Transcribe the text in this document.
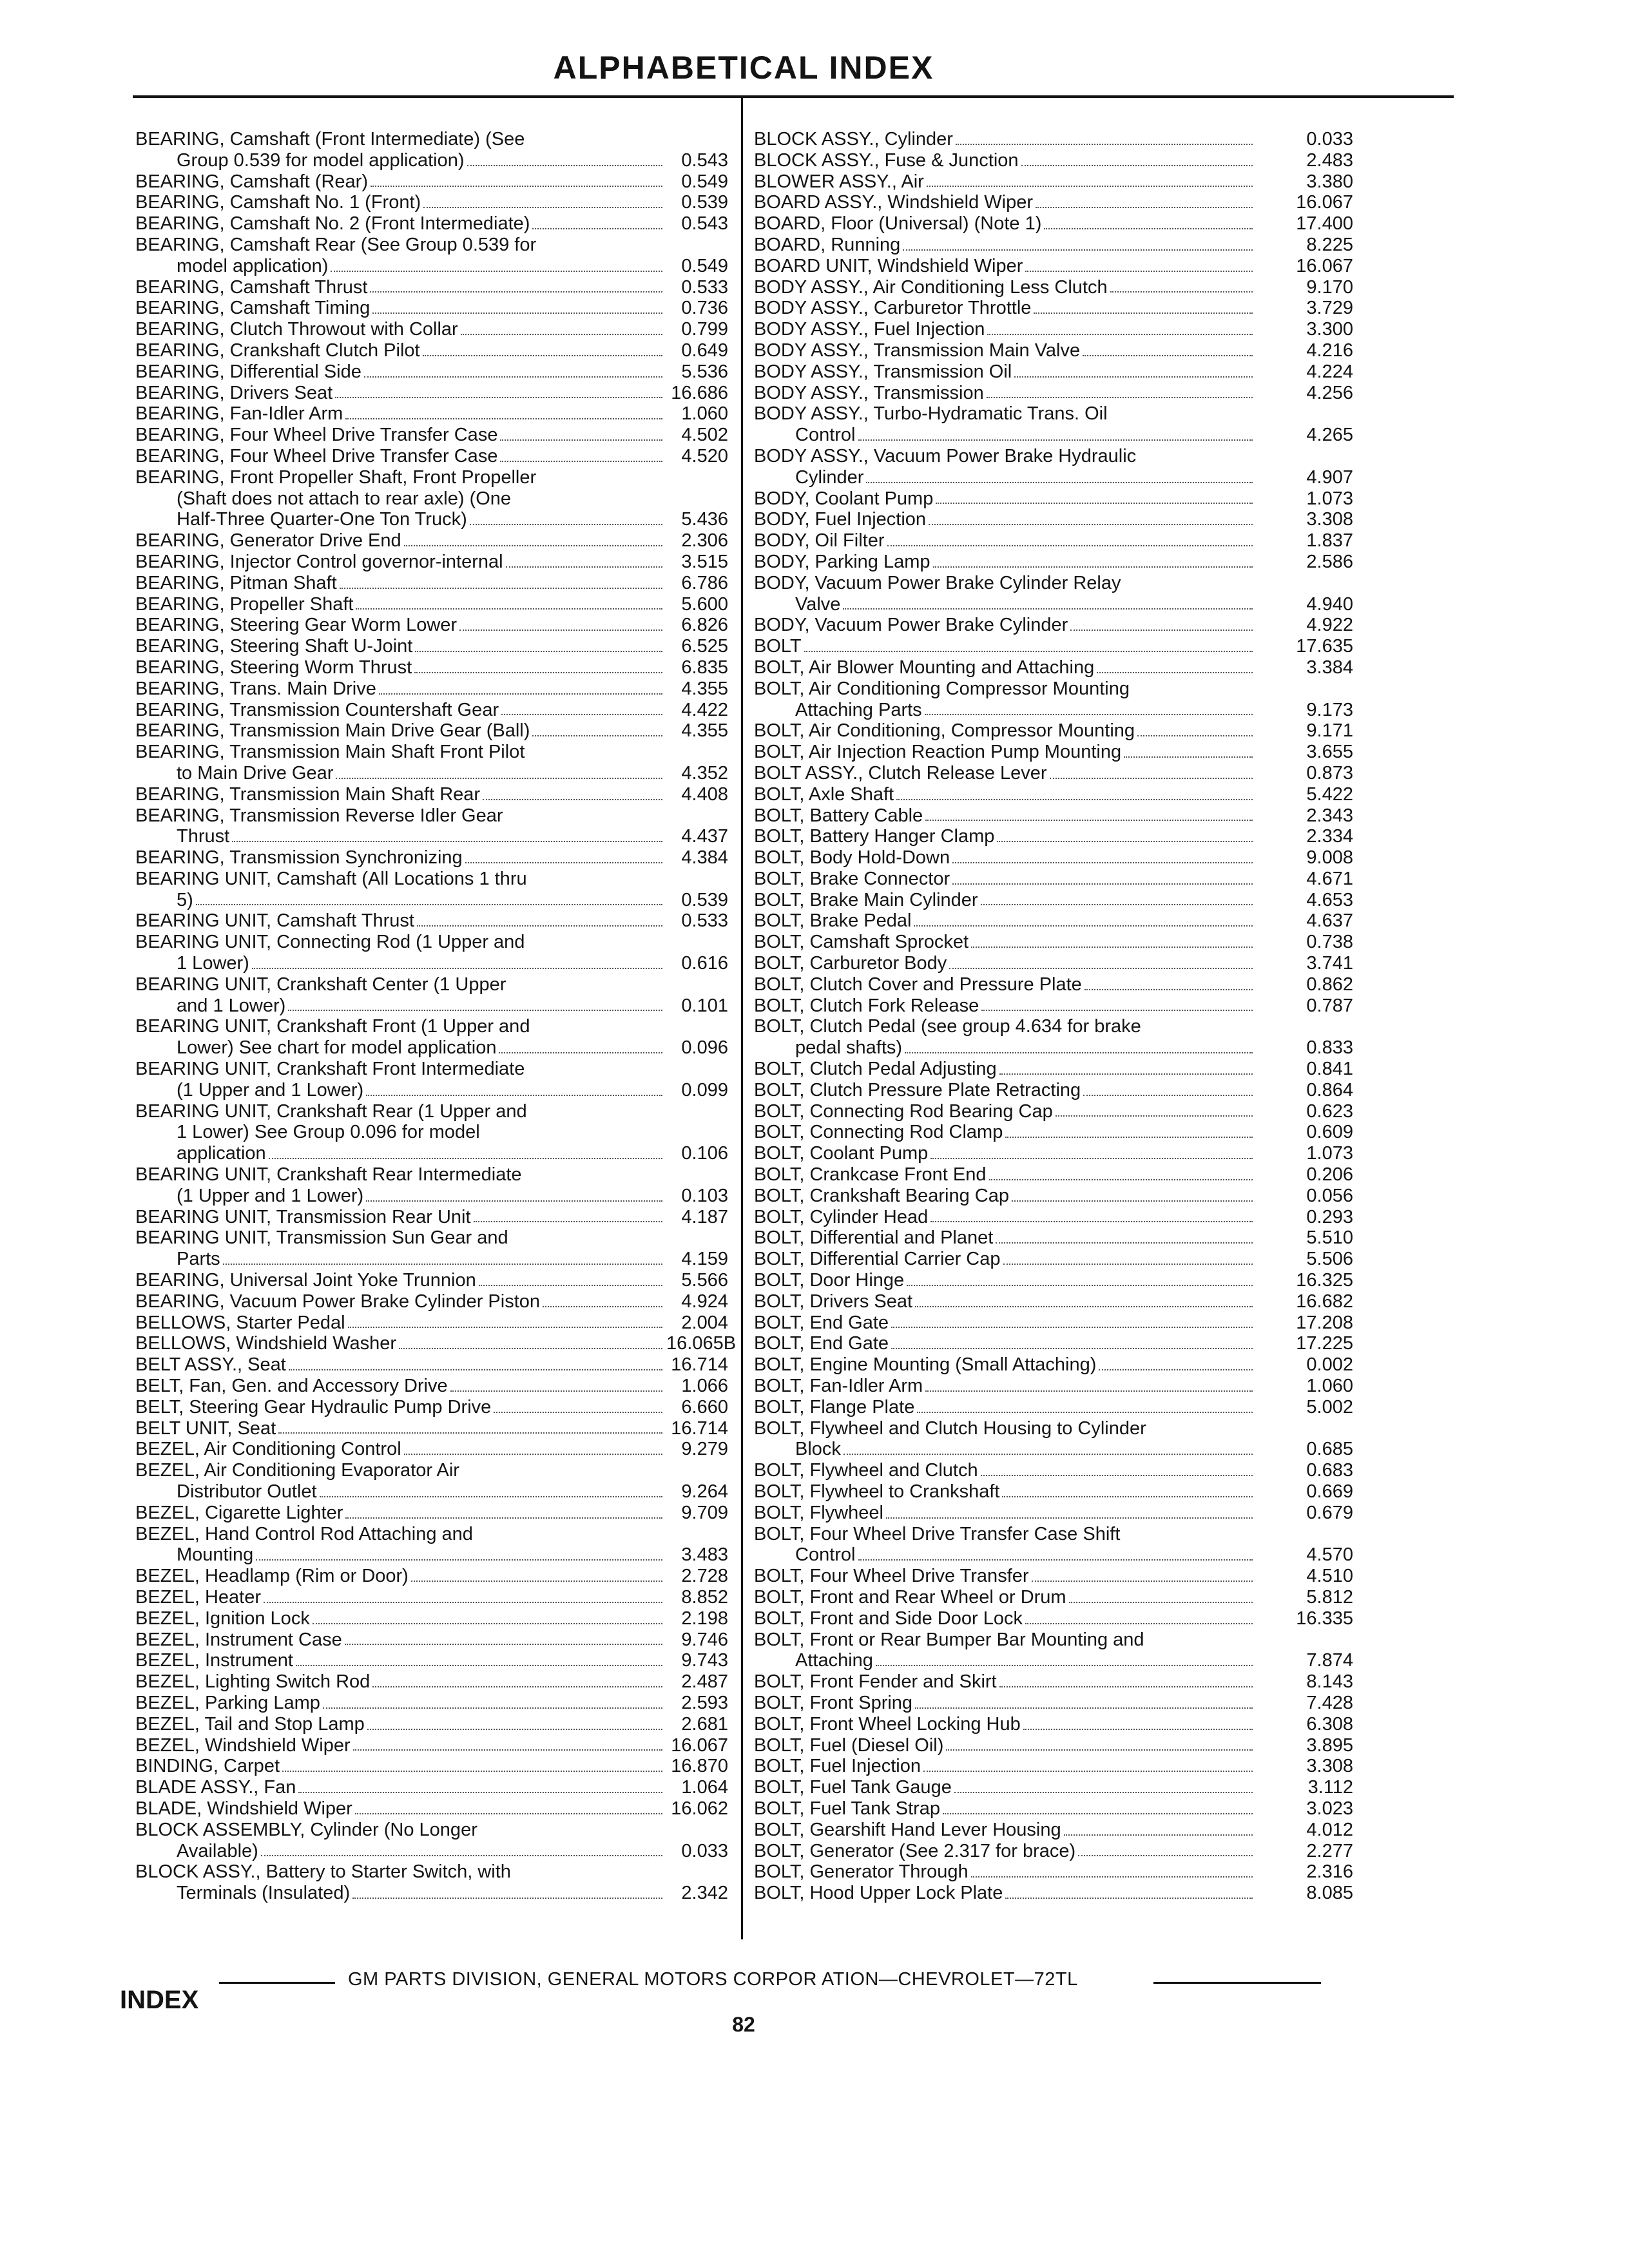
ALPHABETICAL INDEX
BEARING, Camshaft (Front Intermediate) (See
Group 0.539 for model application)	0.543
BEARING, Camshaft (Rear)	0.549
BEARING, Camshaft No. 1 (Front)	0.539
BEARING, Camshaft No. 2 (Front Intermediate)	0.543
BEARING, Camshaft Rear (See Group 0.539 for
model application)	0.549
BEARING, Camshaft Thrust	0.533
BEARING, Camshaft Timing	0.736
BEARING, Clutch Throwout with Collar	0.799
BEARING, Crankshaft Clutch Pilot	0.649
BEARING, Differential Side	5.536
BEARING, Drivers Seat	16.686
BEARING, Fan-Idler Arm	1.060
BEARING, Four Wheel Drive Transfer Case	4.502
BEARING, Four Wheel Drive Transfer Case	4.520
BEARING, Front Propeller Shaft, Front Propeller
(Shaft does not attach to rear axle) (One
Half-Three Quarter-One Ton Truck)	5.436
BEARING, Generator Drive End	2.306
BEARING, Injector Control governor-internal	3.515
BEARING, Pitman Shaft	6.786
BEARING, Propeller Shaft	5.600
BEARING, Steering Gear Worm Lower	6.826
BEARING, Steering Shaft U-Joint	6.525
BEARING, Steering Worm Thrust	6.835
BEARING, Trans. Main Drive	4.355
BEARING, Transmission Countershaft Gear	4.422
BEARING, Transmission Main Drive Gear (Ball)	4.355
BEARING, Transmission Main Shaft Front Pilot
to Main Drive Gear	4.352
BEARING, Transmission Main Shaft Rear	4.408
BEARING, Transmission Reverse Idler Gear
Thrust	4.437
BEARING, Transmission Synchronizing	4.384
BEARING UNIT, Camshaft (All Locations 1 thru
5)	0.539
BEARING UNIT, Camshaft Thrust	0.533
BEARING UNIT, Connecting Rod (1 Upper and
1 Lower)	0.616
BEARING UNIT, Crankshaft Center (1 Upper
and 1 Lower)	0.101
BEARING UNIT, Crankshaft Front (1 Upper and
Lower) See chart for model application	0.096
BEARING UNIT, Crankshaft Front Intermediate
(1 Upper and 1 Lower)	0.099
BEARING UNIT, Crankshaft Rear (1 Upper and
1 Lower) See Group 0.096 for model
application	0.106
BEARING UNIT, Crankshaft Rear Intermediate
(1 Upper and 1 Lower)	0.103
BEARING UNIT, Transmission Rear Unit	4.187
BEARING UNIT, Transmission Sun Gear and
Parts	4.159
BEARING, Universal Joint Yoke Trunnion	5.566
BEARING, Vacuum Power Brake Cylinder Piston	4.924
BELLOWS, Starter Pedal	2.004
BELLOWS, Windshield Washer	16.065B
BELT ASSY., Seat	16.714
BELT, Fan, Gen. and Accessory Drive	1.066
BELT, Steering Gear Hydraulic Pump Drive	6.660
BELT UNIT, Seat	16.714
BEZEL, Air Conditioning Control	9.279
BEZEL, Air Conditioning Evaporator Air
Distributor Outlet	9.264
BEZEL, Cigarette Lighter	9.709
BEZEL, Hand Control Rod Attaching and
Mounting	3.483
BEZEL, Headlamp (Rim or Door)	2.728
BEZEL, Heater	8.852
BEZEL, Ignition Lock	2.198
BEZEL, Instrument Case	9.746
BEZEL, Instrument	9.743
BEZEL, Lighting Switch Rod	2.487
BEZEL, Parking Lamp	2.593
BEZEL, Tail and Stop Lamp	2.681
BEZEL, Windshield Wiper	16.067
BINDING, Carpet	16.870
BLADE ASSY., Fan	1.064
BLADE, Windshield Wiper	16.062
BLOCK ASSEMBLY, Cylinder (No Longer
Available)	0.033
BLOCK ASSY., Battery to Starter Switch, with
Terminals (Insulated)	2.342
BLOCK ASSY., Cylinder	0.033
BLOCK ASSY., Fuse & Junction	2.483
BLOWER ASSY., Air	3.380
BOARD ASSY., Windshield Wiper	16.067
BOARD, Floor (Universal) (Note 1)	17.400
BOARD, Running	8.225
BOARD UNIT, Windshield Wiper	16.067
BODY ASSY., Air Conditioning Less Clutch	9.170
BODY ASSY., Carburetor Throttle	3.729
BODY ASSY., Fuel Injection	3.300
BODY ASSY., Transmission Main Valve	4.216
BODY ASSY., Transmission Oil	4.224
BODY ASSY., Transmission	4.256
BODY ASSY., Turbo-Hydramatic Trans. Oil
Control	4.265
BODY ASSY., Vacuum Power Brake Hydraulic
Cylinder	4.907
BODY, Coolant Pump	1.073
BODY, Fuel Injection	3.308
BODY, Oil Filter	1.837
BODY, Parking Lamp	2.586
BODY, Vacuum Power Brake Cylinder Relay
Valve	4.940
BODY, Vacuum Power Brake Cylinder	4.922
BOLT	17.635
BOLT, Air Blower Mounting and Attaching	3.384
BOLT, Air Conditioning Compressor Mounting
Attaching Parts	9.173
BOLT, Air Conditioning, Compressor Mounting	9.171
BOLT, Air Injection Reaction Pump Mounting	3.655
BOLT ASSY., Clutch Release Lever	0.873
BOLT, Axle Shaft	5.422
BOLT, Battery Cable	2.343
BOLT, Battery Hanger Clamp	2.334
BOLT, Body Hold-Down	9.008
BOLT, Brake Connector	4.671
BOLT, Brake Main Cylinder	4.653
BOLT, Brake Pedal	4.637
BOLT, Camshaft Sprocket	0.738
BOLT, Carburetor Body	3.741
BOLT, Clutch Cover and Pressure Plate	0.862
BOLT, Clutch Fork Release	0.787
BOLT, Clutch Pedal (see group 4.634 for brake
pedal shafts)	0.833
BOLT, Clutch Pedal Adjusting	0.841
BOLT, Clutch Pressure Plate Retracting	0.864
BOLT, Connecting Rod Bearing Cap	0.623
BOLT, Connecting Rod Clamp	0.609
BOLT, Coolant Pump	1.073
BOLT, Crankcase Front End	0.206
BOLT, Crankshaft Bearing Cap	0.056
BOLT, Cylinder Head	0.293
BOLT, Differential and Planet	5.510
BOLT, Differential Carrier Cap	5.506
BOLT, Door Hinge	16.325
BOLT, Drivers Seat	16.682
BOLT, End Gate	17.208
BOLT, End Gate	17.225
BOLT, Engine Mounting (Small Attaching)	0.002
BOLT, Fan-Idler Arm	1.060
BOLT, Flange Plate	5.002
BOLT, Flywheel and Clutch Housing to Cylinder
Block	0.685
BOLT, Flywheel and Clutch	0.683
BOLT, Flywheel to Crankshaft	0.669
BOLT, Flywheel	0.679
BOLT, Four Wheel Drive Transfer Case Shift
Control	4.570
BOLT, Four Wheel Drive Transfer	4.510
BOLT, Front and Rear Wheel or Drum	5.812
BOLT, Front and Side Door Lock	16.335
BOLT, Front or Rear Bumper Bar Mounting and
Attaching	7.874
BOLT, Front Fender and Skirt	8.143
BOLT, Front Spring	7.428
BOLT, Front Wheel Locking Hub	6.308
BOLT, Fuel (Diesel Oil)	3.895
BOLT, Fuel Injection	3.308
BOLT, Fuel Tank Gauge	3.112
BOLT, Fuel Tank Strap	3.023
BOLT, Gearshift Hand Lever Housing	4.012
BOLT, Generator (See 2.317 for brace)	2.277
BOLT, Generator Through	2.316
BOLT, Hood Upper Lock Plate	8.085
GM PARTS DIVISION, GENERAL MOTORS CORPOR ATION—CHEVROLET—72TL
INDEX
82
